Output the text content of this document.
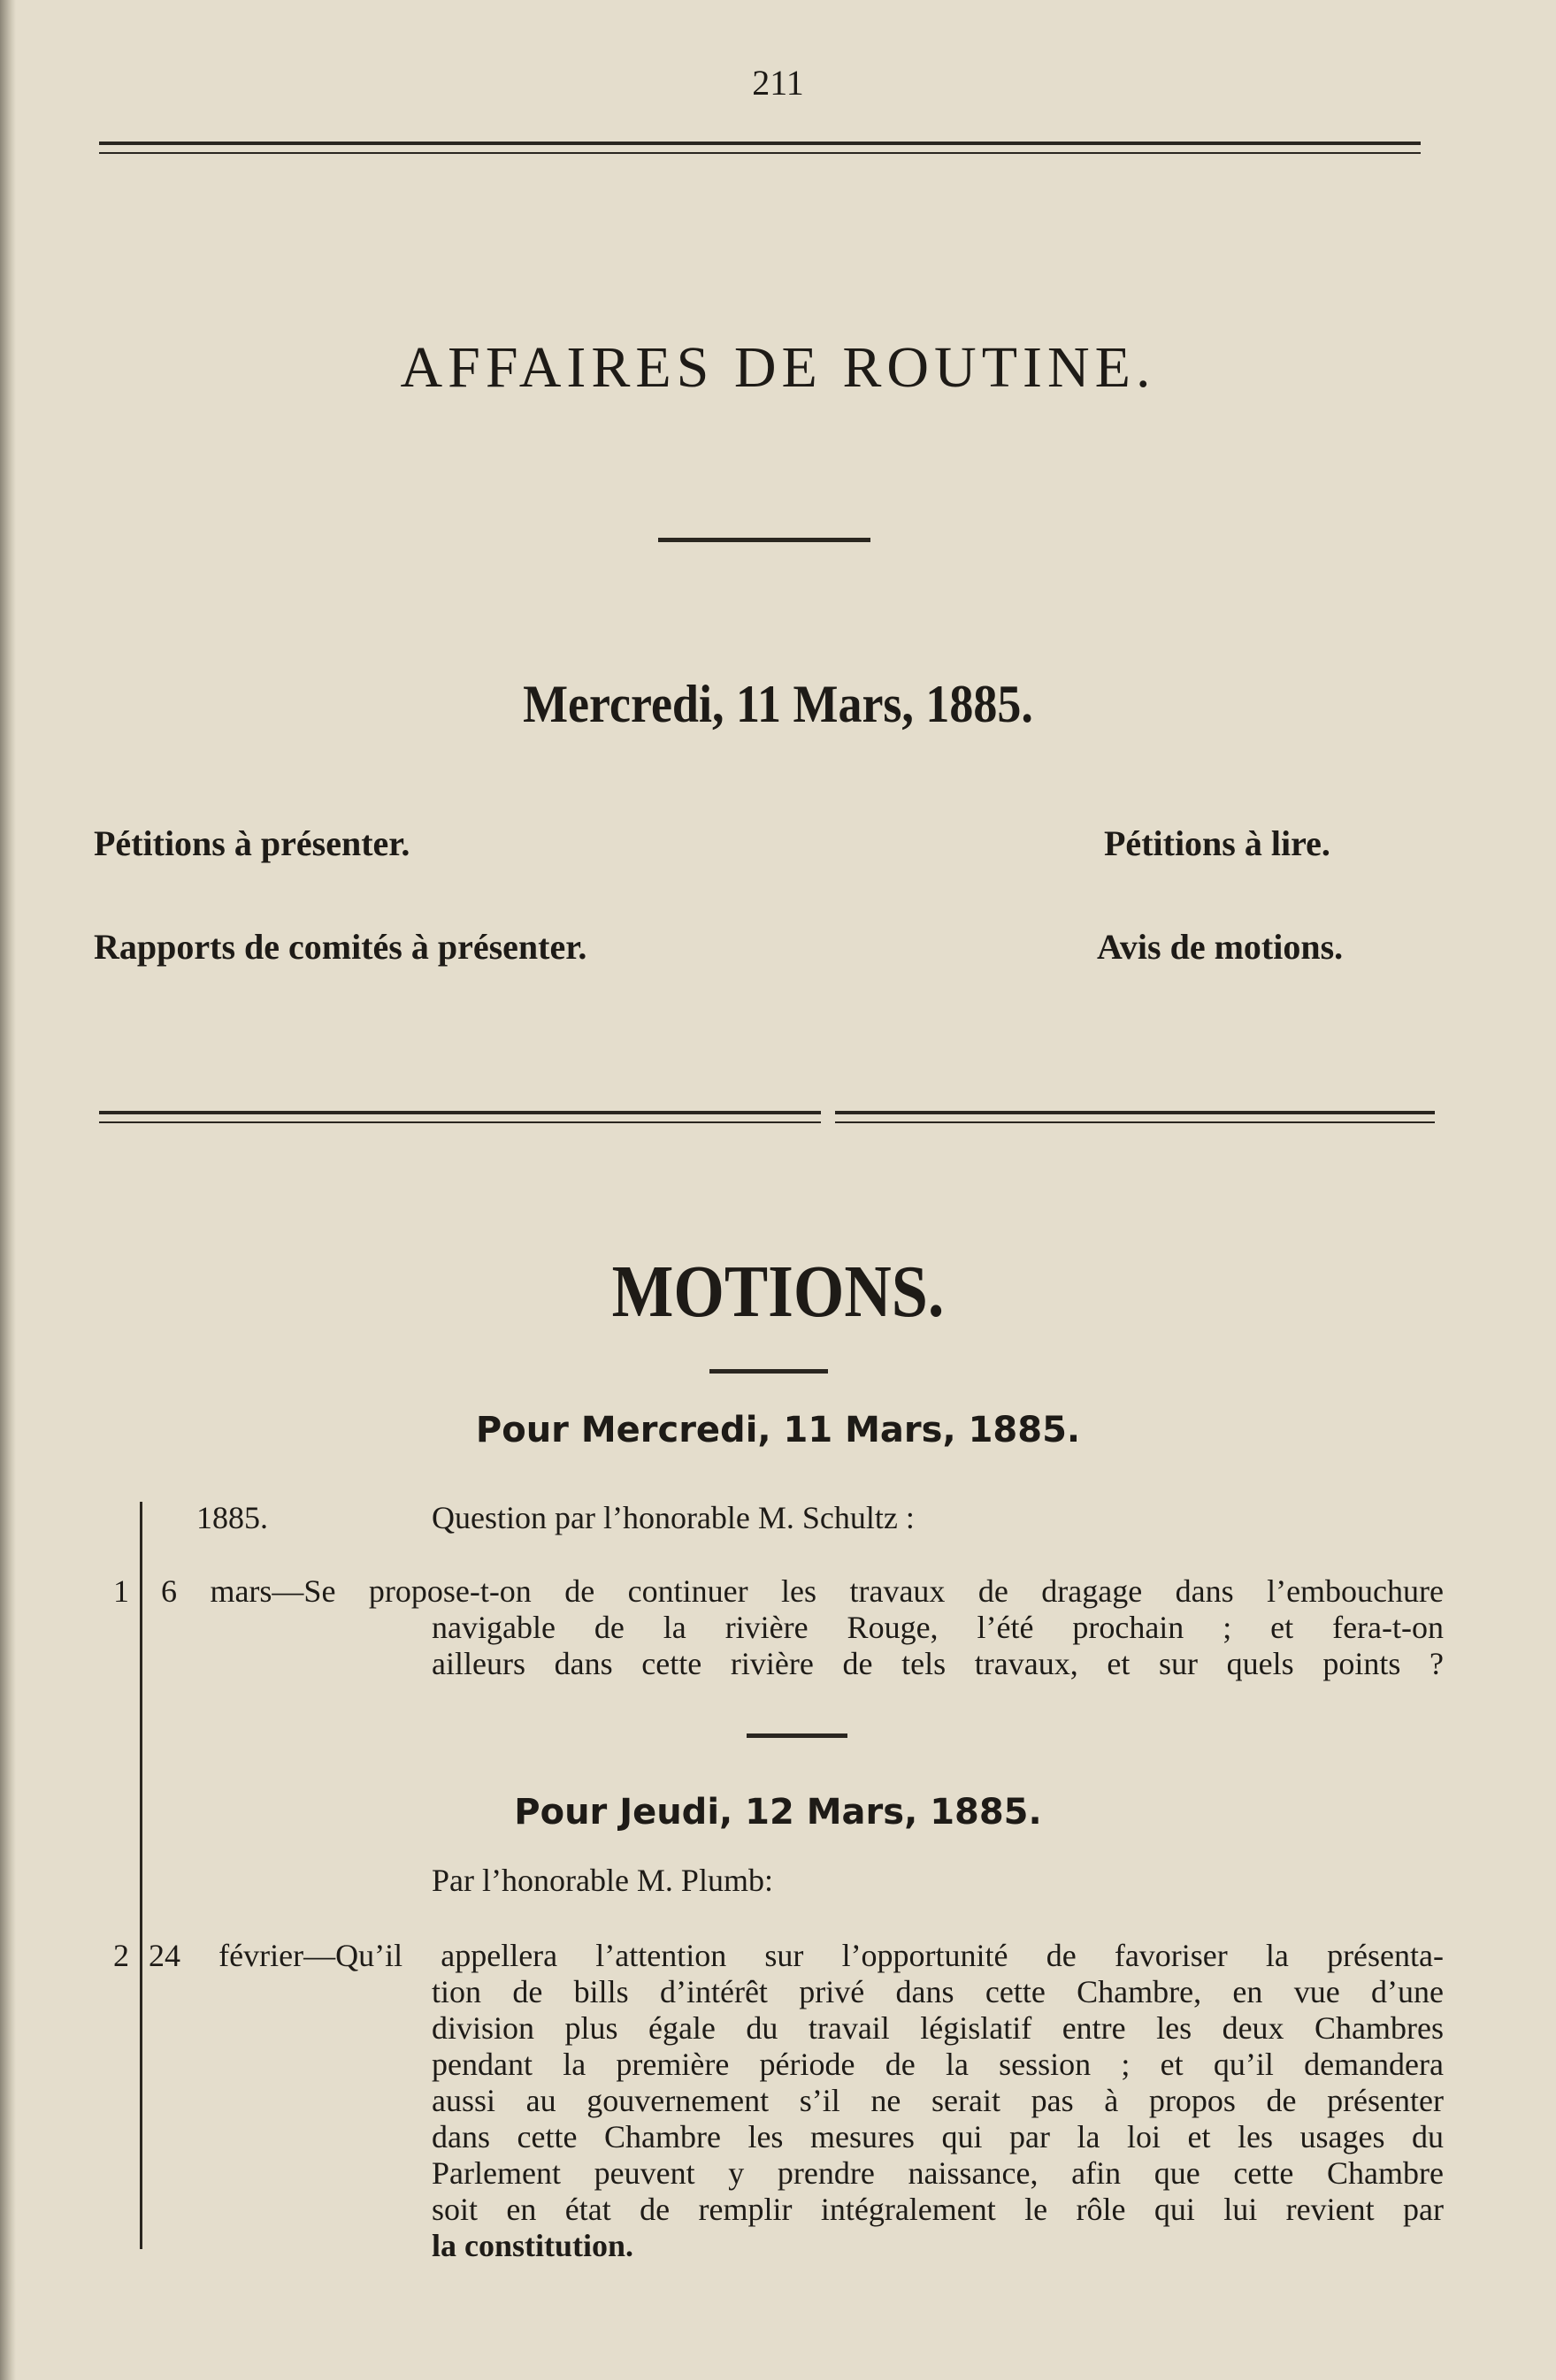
211
AFFAIRES DE ROUTINE.
Mercredi, 11 Mars, 1885.
Pétitions à présenter.	Pétitions à lire.
Rapports de comités à présenter.	Avis de motions.
MOTIONS.
Pour Mercredi, 11 Mars, 1885.
1885.	Question par l’honorable M. Schultz :
1 6 mars—Se propose-t-on de continuer les travaux de dragage dans l’embouchure
navigable de la rivière Rouge, l’été prochain ; et fera-t-on
ailleurs dans cette rivière de tels travaux, et sur quels points ?
Pour Jeudi, 12 Mars, 1885.
Par l’honorable M. Plumb:
2 24 février—Qu’il appellera l’attention sur l’opportunité de favoriser la présenta-
tion de bills d’intérêt privé dans cette Chambre, en vue d’une
division plus égale du travail législatif entre les deux Chambres
pendant la première période de la session ; et qu’il demandera
aussi au gouvernement s’il ne serait pas à propos de présenter
dans cette Chambre les mesures qui par la loi et les usages du
Parlement peuvent y prendre naissance, afin que cette Chambre
soit en état de remplir intégralement le rôle qui lui revient par
la constitution.
